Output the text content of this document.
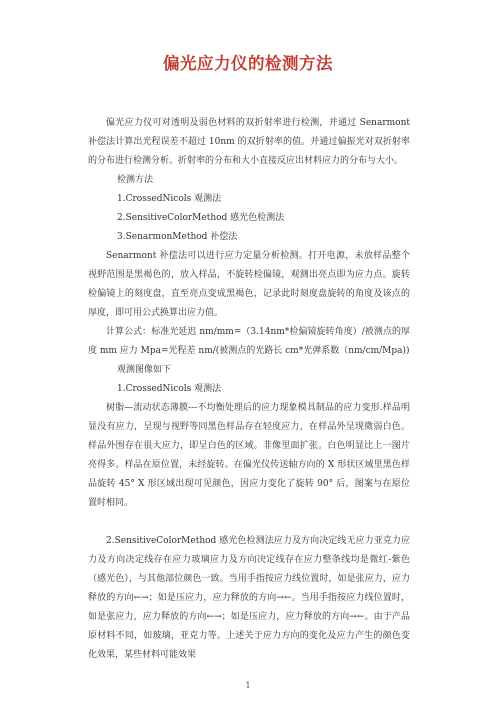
偏光应力仪的检测方法

偏光应力仪可对透明及弱色材料的双折射率进行检测，并通过 Senarmont 补偿法计算出光程误差不超过 10nm 的双折射率的值。并通过偏振光对双折射率的分布进行检测分析。折射率的分布和大小直接反应出材料应力的分布与大小。

检测方法

1.CrossedNicols 观测法

2.SensitiveColorMethod 感光色检测法

3.SenarmonMethod 补偿法

Senarmont 补偿法可以进行应力定量分析检测。打开电源，未放样品整个视野范围是黑褐色的，放入样品，不旋转检偏镜，观测出亮点即为应力点。旋转检偏镜上的刻度盘，直至亮点变成黑褐色，记录此时刻度盘旋转的角度及该点的厚度，即可用公式换算出应力值。

计算公式：标准光延迟 nm/mm=（3.14nm*检偏镜旋转角度）/被测点的厚度 mm 应力 Mpa=光程差 nm/(被测点的光路长 cm*光弹系数（nm/cm/Mpa))

观测图像如下

1.CrossedNicols 观测法

树脂—流动状态薄膜---不均衡处理后的应力现象模具制品的应力变形.样品明显没有应力，呈现与视野等同黑色样品存在轻度应力，在样品外呈现微弱白色。样品外围存在很大应力，即呈白色的区域。非像里面扩张。白色明显比上一图片亮得多。样品在原位置，未经旋转。在偏光仪传送轴方向的 X 形状区域里黑色样品旋转 45° X 形区域出现可见颜色，因应力变化了旋转 90° 后，图案与在原位置时相同。

2.SensitiveColorMethod 感光色检测法应力及方向决定线无应力亚克力应力及方向决定线存在应力玻璃应力及方向决定线存在应力整条线均是微红-紫色（感光色），与其他部位颜色一致。当用手指按应力线位置时，如是张应力，应力释放的方向←→；如是压应力，应力释放的方向→←。当用手指按应力线位置时，如是张应力，应力释放的方向←→；如是压应力，应力释放的方向→←。由于产品原材料不同，如玻璃，亚克力等。上述关于应力方向的变化及应力产生的颜色变化效果，某些材料可能效果

1
